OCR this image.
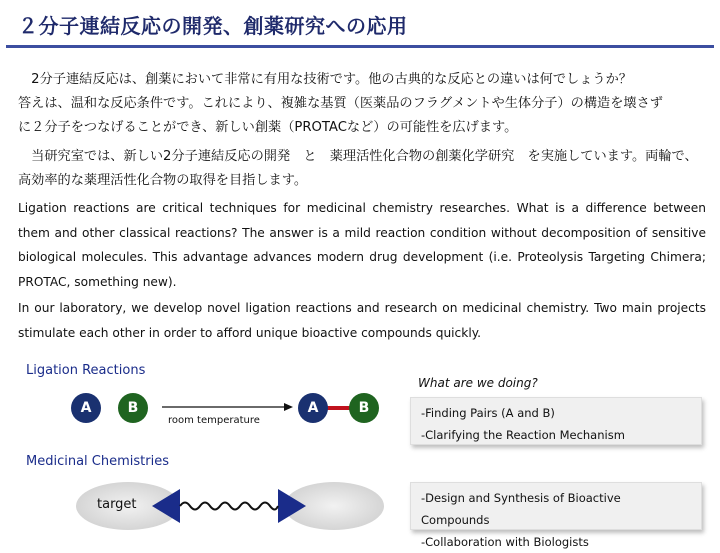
２分子連結反応の開発、創薬研究への応用
　2分子連結反応は、創薬において非常に有用な技術です。他の古典的な反応との違いは何でしょうか？
答えは、温和な反応条件です。これにより、複雑な基質（医薬品のフラグメントや生体分子）の構造を壊さず
に２分子をつなげることができ、新しい創薬（PROTACなど）の可能性を広げます。
　当研究室では、新しい2分子連結反応の開発　と　薬理活性化合物の創薬化学研究　を実施しています。両輪で、
高効率的な薬理活性化合物の取得を目指します。
Ligation reactions are critical techniques for medicinal chemistry researches. What is a difference between them and other classical reactions? The answer is a mild reaction condition without decomposition of sensitive biological molecules. This advantage advances modern drug development (i.e. Proteolysis Targeting Chimera; PROTAC, something new).
In our laboratory, we develop novel ligation reactions and research on medicinal chemistry. Two main projects stimulate each other in order to afford unique bioactive compounds quickly.
Ligation Reactions
A	B
room temperature
A	B
What are we doing?
-Finding Pairs (A and B)
-Clarifying the Reaction Mechanism
Medicinal Chemistries
target	-Design and Synthesis of Bioactive Compounds
-Collaboration with Biologists
